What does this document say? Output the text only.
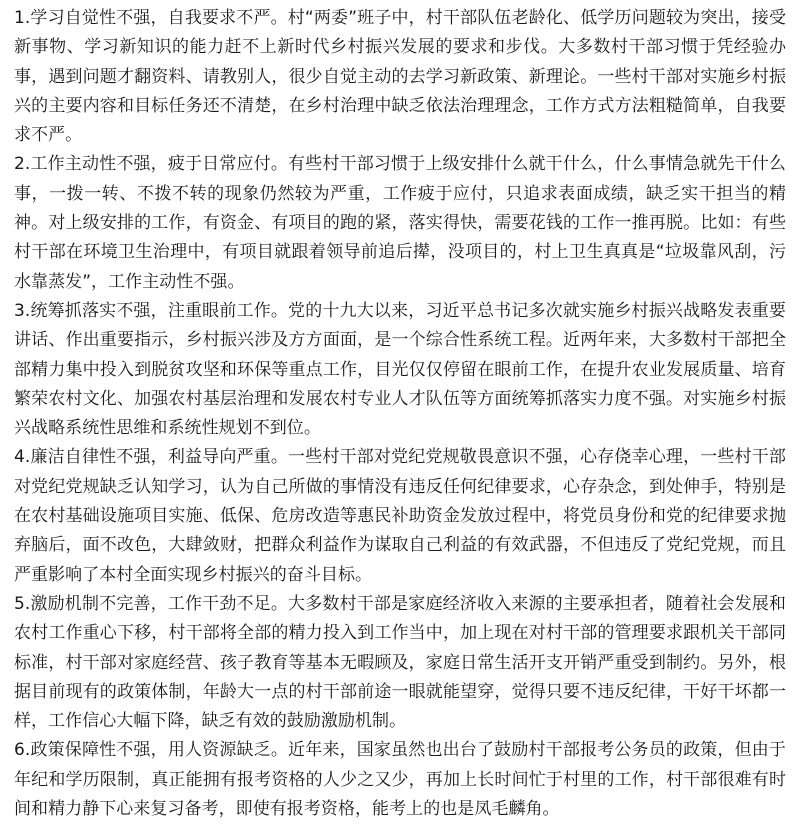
1.学习自觉性不强，自我要求不严。村“两委”班子中，村干部队伍老龄化、低学历问题较为突出，接受新事物、学习新知识的能力赶不上新时代乡村振兴发展的要求和步伐。大多数村干部习惯于凭经验办事，遇到问题才翻资料、请教别人，很少自觉主动的去学习新政策、新理论。一些村干部对实施乡村振兴的主要内容和目标任务还不清楚，在乡村治理中缺乏依法治理理念，工作方式方法粗糙简单，自我要求不严。

2.工作主动性不强，疲于日常应付。有些村干部习惯于上级安排什么就干什么，什么事情急就先干什么事，一拨一转、不拨不转的现象仍然较为严重，工作疲于应付，只追求表面成绩，缺乏实干担当的精神。对上级安排的工作，有资金、有项目的跑的紧，落实得快，需要花钱的工作一推再脱。比如：有些村干部在环境卫生治理中，有项目就跟着领导前追后撵，没项目的，村上卫生真真是“垃圾靠风刮，污水靠蒸发”，工作主动性不强。

3.统筹抓落实不强，注重眼前工作。党的十九大以来，习近平总书记多次就实施乡村振兴战略发表重要讲话、作出重要指示，乡村振兴涉及方方面面，是一个综合性系统工程。近两年来，大多数村干部把全部精力集中投入到脱贫攻坚和环保等重点工作，目光仅仅停留在眼前工作，在提升农业发展质量、培育繁荣农村文化、加强农村基层治理和发展农村专业人才队伍等方面统筹抓落实力度不强。对实施乡村振兴战略系统性思维和系统性规划不到位。

4.廉洁自律性不强，利益导向严重。一些村干部对党纪党规敬畏意识不强，心存侥幸心理，一些村干部对党纪党规缺乏认知学习，认为自己所做的事情没有违反任何纪律要求，心存杂念，到处伸手，特别是在农村基础设施项目实施、低保、危房改造等惠民补助资金发放过程中，将党员身份和党的纪律要求抛弃脑后，面不改色，大肆敛财，把群众利益作为谋取自己利益的有效武器，不但违反了党纪党规，而且严重影响了本村全面实现乡村振兴的奋斗目标。

5.激励机制不完善，工作干劲不足。大多数村干部是家庭经济收入来源的主要承担者，随着社会发展和农村工作重心下移，村干部将全部的精力投入到工作当中，加上现在对村干部的管理要求跟机关干部同标准，村干部对家庭经营、孩子教育等基本无暇顾及，家庭日常生活开支开销严重受到制约。另外，根据目前现有的政策体制，年龄大一点的村干部前途一眼就能望穿，觉得只要不违反纪律，干好干坏都一样，工作信心大幅下降，缺乏有效的鼓励激励机制。

6.政策保障性不强，用人资源缺乏。近年来，国家虽然也出台了鼓励村干部报考公务员的政策，但由于年纪和学历限制，真正能拥有报考资格的人少之又少，再加上长时间忙于村里的工作，村干部很难有时间和精力静下心来复习备考，即使有报考资格，能考上的也是凤毛麟角。
